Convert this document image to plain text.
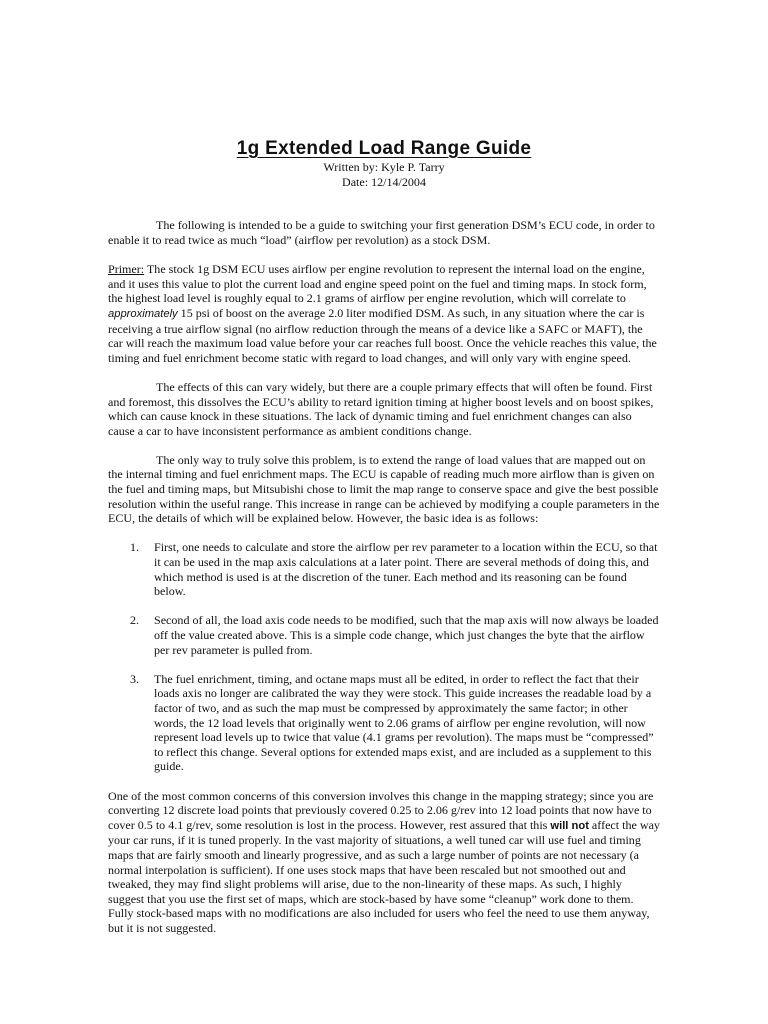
1g Extended Load Range Guide
Written by: Kyle P. Tarry
Date: 12/14/2004

The following is intended to be a guide to switching your first generation DSM’s ECU code, in order to enable it to read twice as much “load” (airflow per revolution) as a stock DSM.

Primer: The stock 1g DSM ECU uses airflow per engine revolution to represent the internal load on the engine, and it uses this value to plot the current load and engine speed point on the fuel and timing maps. In stock form, the highest load level is roughly equal to 2.1 grams of airflow per engine revolution, which will correlate to approximately 15 psi of boost on the average 2.0 liter modified DSM. As such, in any situation where the car is receiving a true airflow signal (no airflow reduction through the means of a device like a SAFC or MAFT), the car will reach the maximum load value before your car reaches full boost. Once the vehicle reaches this value, the timing and fuel enrichment become static with regard to load changes, and will only vary with engine speed.

The effects of this can vary widely, but there are a couple primary effects that will often be found. First and foremost, this dissolves the ECU’s ability to retard ignition timing at higher boost levels and on boost spikes, which can cause knock in these situations. The lack of dynamic timing and fuel enrichment changes can also cause a car to have inconsistent performance as ambient conditions change.

The only way to truly solve this problem, is to extend the range of load values that are mapped out on the internal timing and fuel enrichment maps. The ECU is capable of reading much more airflow than is given on the fuel and timing maps, but Mitsubishi chose to limit the map range to conserve space and give the best possible resolution within the useful range. This increase in range can be achieved by modifying a couple parameters in the ECU, the details of which will be explained below. However, the basic idea is as follows:

1. First, one needs to calculate and store the airflow per rev parameter to a location within the ECU, so that it can be used in the map axis calculations at a later point. There are several methods of doing this, and which method is used is at the discretion of the tuner. Each method and its reasoning can be found below.
2. Second of all, the load axis code needs to be modified, such that the map axis will now always be loaded off the value created above. This is a simple code change, which just changes the byte that the airflow per rev parameter is pulled from.
3. The fuel enrichment, timing, and octane maps must all be edited, in order to reflect the fact that their loads axis no longer are calibrated the way they were stock. This guide increases the readable load by a factor of two, and as such the map must be compressed by approximately the same factor; in other words, the 12 load levels that originally went to 2.06 grams of airflow per engine revolution, will now represent load levels up to twice that value (4.1 grams per revolution). The maps must be “compressed” to reflect this change. Several options for extended maps exist, and are included as a supplement to this guide.

One of the most common concerns of this conversion involves this change in the mapping strategy; since you are converting 12 discrete load points that previously covered 0.25 to 2.06 g/rev into 12 load points that now have to cover 0.5 to 4.1 g/rev, some resolution is lost in the process. However, rest assured that this will not affect the way your car runs, if it is tuned properly. In the vast majority of situations, a well tuned car will use fuel and timing maps that are fairly smooth and linearly progressive, and as such a large number of points are not necessary (a normal interpolation is sufficient). If one uses stock maps that have been rescaled but not smoothed out and tweaked, they may find slight problems will arise, due to the non-linearity of these maps. As such, I highly suggest that you use the first set of maps, which are stock-based by have some “cleanup” work done to them. Fully stock-based maps with no modifications are also included for users who feel the need to use them anyway, but it is not suggested.
